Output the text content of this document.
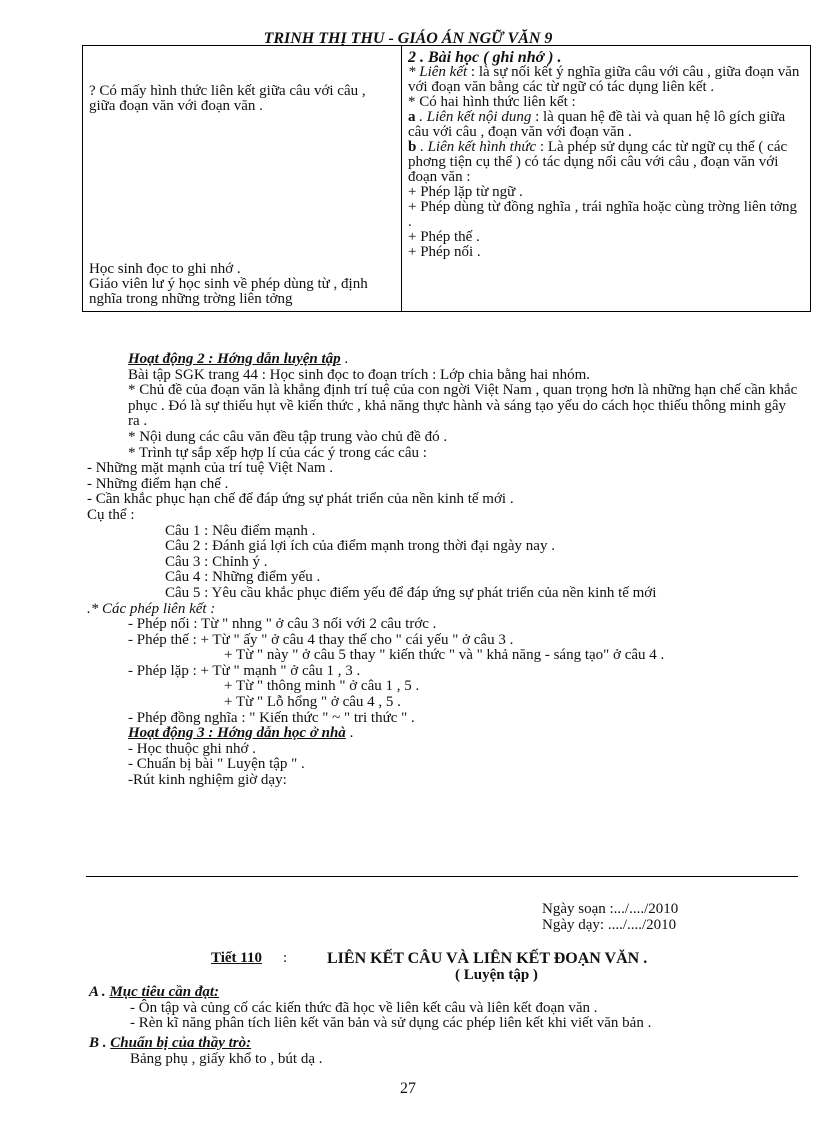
TRINH THỊ THU - GIÁO ÁN NGỮ VĂN 9
? Có mấy hình thức liên kết giữa câu với câu , giữa đoạn văn với đoạn văn .
Học sinh đọc to ghi nhớ .
Giáo viên lư ý học sinh về phép dùng từ , định nghĩa trong những trờng liên tởng

2 . Bài học ( ghi nhớ ) .
* Liên kết : là sự nối kết ý nghĩa giữa câu với câu , giữa đoạn văn với đoạn văn bằng các từ ngữ có tác dụng liên kết .
* Có hai hình thức liên kết :
a . Liên kết nội dung : là quan hệ đề tài và quan hệ lô gích giữa câu với câu , đoạn văn với đoạn văn .
b . Liên kết hình thức : Là phép sử dụng các từ ngữ cụ thể ( các phơng tiện cụ thể ) có tác dụng nối câu với câu , đoạn văn với đoạn văn :
+ Phép lặp từ ngữ .
+ Phép dùng từ đồng nghĩa , trái nghĩa hoặc cùng trờng liên tởng .
+ Phép thế .
+ Phép nối .

Hoạt động 2 : Hớng dẫn luyện tập .

Bài tập SGK trang 44 : Học sinh đọc to đoạn trích : Lớp chia bằng hai nhóm.

* Chủ đề của đoạn văn là khẳng định trí tuệ của con ngời Việt Nam , quan trọng hơn là những hạn chế cần khắc phục . Đó là sự thiếu hụt về kiến thức , khả năng thực hành và sáng tạo yếu do cách học thiếu thông minh gây ra .

* Nội dung các câu văn đều tập trung vào chủ đề đó .

* Trình tự sắp xếp hợp lí của các ý trong các câu :

- Những mặt mạnh của trí tuệ Việt Nam .

- Những điểm hạn chế .

- Cần khắc phục hạn chế để đáp ứng sự phát triển của nền kinh tế mới .

Cụ thể :

Câu 1 : Nêu điểm mạnh .

Câu 2 : Đánh giá lợi ích của điểm mạnh trong thời đại ngày nay .

Câu 3 : Chỉnh ý .

Câu 4 : Những điểm yếu .

Câu 5 : Yêu cầu khắc phục điểm yếu để đáp ứng sự phát triển của nền kinh tế mới

.* Các phép liên kết :

- Phép nối : Từ " nhng " ở câu 3 nối với 2 câu trớc .

- Phép thế : + Từ " ấy " ở câu 4 thay thế cho " cái yếu " ở câu 3 .

+ Từ " này " ở câu 5 thay " kiến thức " và " khả năng - sáng tạo" ở câu 4 .

- Phép lặp : + Từ " mạnh " ở câu 1 , 3 .

+ Từ " thông minh " ở câu 1 , 5 .

+ Từ " Lỗ hổng " ở câu 4 , 5 .

- Phép đồng nghĩa : " Kiến thức " ~ " tri thức " .

Hoạt động 3 : Hớng dẫn học ở nhà .

- Học thuộc ghi nhớ .

- Chuẩn bị bài " Luyện tập " .

-Rút kinh nghiệm giờ dạy:

Ngày soạn :.../..../2010
Ngày dạy: ..../..../2010
Tiết 110 : LIÊN KẾT CÂU VÀ LIÊN KẾT ĐOẠN VĂN .
( Luyện tập )

A . Mục tiêu cần đạt:

- Ôn tập và củng cố các kiến thức đã học về liên kết câu và liên kết đoạn văn .

- Rèn kĩ năng phân tích liên kết văn bản và sử dụng các phép liên kết khi viết văn bản .

B . Chuẩn bị của thầy trò:

Bảng phụ , giấy khổ to , bút dạ .

27
